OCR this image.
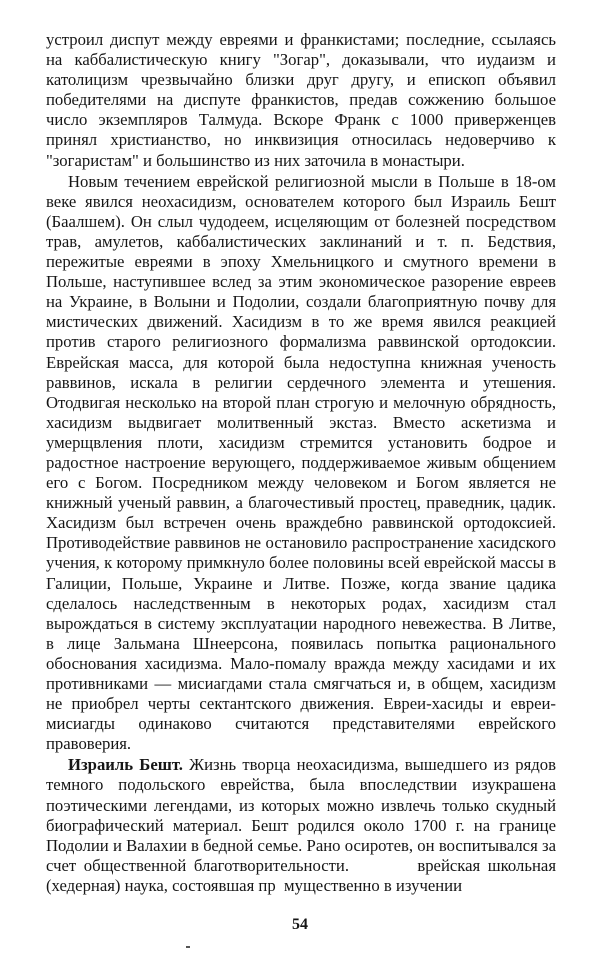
устроил диспут между евреями и франкистами; последние, ссылаясь на каббалистическую книгу "Зогар", доказывали, что иудаизм и католицизм чрезвычайно близки друг другу, и епископ объявил победителями на диспуте франкистов, предав сожжению большое число экземпляров Талмуда. Вскоре Франк с 1000 приверженцев принял христианство, но инквизиция относилась недоверчиво к "зогаристам" и большинство из них заточила в монастыри.

Новым течением еврейской религиозной мысли в Польше в 18-ом веке явился неохасидизм, основателем которого был Израиль Бешт (Баалшем). Он слыл чудодеем, исцеляющим от болезней посредством трав, амулетов, каббалистических заклинаний и т. п. Бедствия, пережитые евреями в эпоху Хмельницкого и смутного времени в Польше, наступившее вслед за этим экономическое разорение евреев на Украине, в Волыни и Подолии, создали благоприятную почву для мистических движений. Хасидизм в то же время явился реакцией против старого религиозного формализма раввинской ортодоксии. Еврейская масса, для которой была недоступна книжная ученость раввинов, искала в религии сердечного элемента и утешения. Отодвигая несколько на второй план строгую и мелочную обрядность, хасидизм выдвигает молитвенный экстаз. Вместо аскетизма и умерщвления плоти, хасидизм стремится установить бодрое и радостное настроение верующего, поддерживаемое живым общением его с Богом. Посредником между человеком и Богом является не книжный ученый раввин, а благочестивый простец, праведник, цадик. Хасидизм был встречен очень враждебно раввинской ортодоксией. Противодействие раввинов не остановило распространение хасидского учения, к которому примкнуло более половины всей еврейской массы в Галиции, Польше, Украине и Литве. Позже, когда звание цадика сделалось наследственным в некоторых родах, хасидизм стал вырождаться в систему эксплуатации народного невежества. В Литве, в лице Зальмана Шнеерсона, появилась попытка рационального обоснования хасидизма. Мало-помалу вражда между хасидами и их противниками — мисиагдами стала смягчаться и, в общем, хасидизм не приобрел черты сектантского движения. Евреи-хасиды и евреи-мисиагды одинаково считаются представителями еврейского правоверия.

Израиль Бешт. Жизнь творца неохасидизма, вышедшего из рядов темного подольского еврейства, была впоследствии изукрашена поэтическими легендами, из которых можно извлечь только скудный биографический материал. Бешт родился около 1700 г. на границе Подолии и Валахии в бедной семье. Рано осиротев, он воспитывался за счет общественной благотворительности.         врейская школьная (хедерная) наука, состоявшая пр  мущественно в изучении

54
